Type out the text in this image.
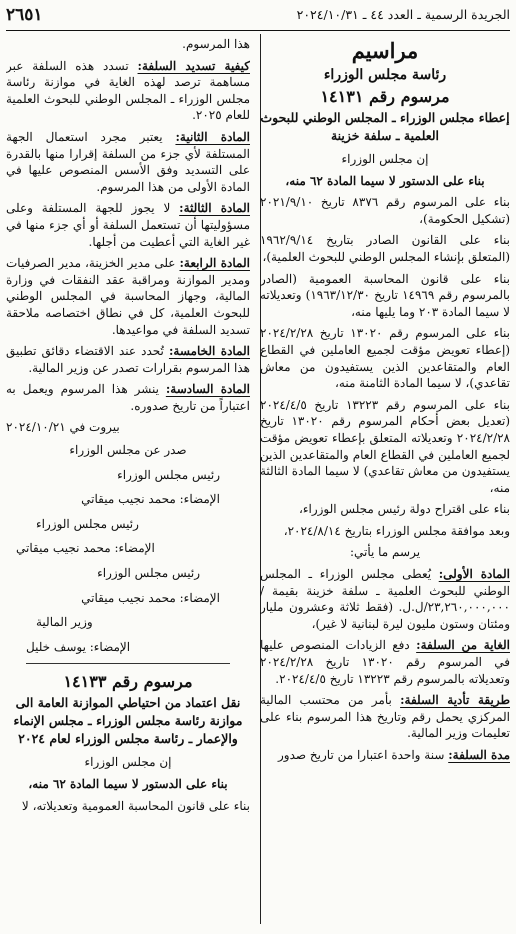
الجريدة الرسمية ـ العدد ٤٤ ـ ٢٠٢٤/١٠/٣١
٢٦٥١
مراسيم
رئاسة مجلس الوزراء
مرسوم رقم ١٤١٣١
إعطاء مجلس الوزراء ـ المجلس الوطني للبحوث العلمية ـ سلفة خزينة

إن مجلس الوزراء

بناء على الدستور لا سيما المادة ٦٢ منه،

بناء على المرسوم رقم ٨٣٧٦ تاريخ ٢٠٢١/٩/١٠ (تشكيل الحكومة)،

بناء على القانون الصادر بتاريخ ١٩٦٢/٩/١٤ (المتعلق بإنشاء المجلس الوطني للبحوث العلمية)،

بناء على قانون المحاسبة العمومية (الصادر بالمرسوم رقم ١٤٩٦٩ تاريخ ١٩٦٣/١٢/٣٠) وتعديلاته لا سيما المادة ٢٠٣ وما يليها منه،

بناء على المرسوم رقم ١٣٠٢٠ تاريخ ٢٠٢٤/٢/٢٨ (إعطاء تعويض مؤقت لجميع العاملين في القطاع العام والمتقاعدين الذين يستفيدون من معاش تقاعدي)، لا سيما المادة الثامنة منه،

بناء على المرسوم رقم ١٣٢٢٣ تاريخ ٢٠٢٤/٤/٥ (تعديل بعض أحكام المرسوم رقم ١٣٠٢٠ تاريخ ٢٠٢٤/٢/٢٨ وتعديلاته المتعلق بإعطاء تعويض مؤقت لجميع العاملين في القطاع العام والمتقاعدين الذين يستفيدون من معاش تقاعدي) لا سيما المادة الثالثة منه،

بناء على اقتراح دولة رئيس مجلس الوزراء،

وبعد موافقة مجلس الوزراء بتاريخ ٢٠٢٤/٨/١٤،

يرسم ما يأتي:

المادة الأولى: يُعطى مجلس الوزراء ـ المجلس الوطني للبحوث العلمية ـ سلفة خزينة بقيمة /٢٣,٢٦٠,٠٠٠,٠٠٠/ل.ل. (فقط ثلاثة وعشرون مليار ومئتان وستون مليون ليرة لبنانية لا غير)،

الغاية من السلفة: دفع الزيادات المنصوص عليها في المرسوم رقم ١٣٠٢٠ تاريخ ٢٠٢٤/٢/٢٨ وتعديلاته بالمرسوم رقم ١٣٢٢٣ تاريخ ٢٠٢٤/٤/٥.

طريقة تأدية السلفة: بأمر من محتسب المالية المركزي يحمل رقم وتاريخ هذا المرسوم بناء على تعليمات وزير المالية.

مدة السلفة: سنة واحدة اعتبارا من تاريخ صدور

هذا المرسوم.

كيفية تسديد السلفة: تسدد هذه السلفة عبر مساهمة ترصد لهذه الغاية في موازنة رئاسة مجلس الوزراء ـ المجلس الوطني للبحوث العلمية للعام ٢٠٢٥.

المادة الثانية: يعتبر مجرد استعمال الجهة المستلفة لأي جزء من السلفة إقرارا منها بالقدرة على التسديد وفق الأسس المنصوص عليها في المادة الأولى من هذا المرسوم.

المادة الثالثة: لا يجوز للجهة المستلفة وعلى مسؤوليتها أن تستعمل السلفة أو أي جزء منها في غير الغاية التي أعطيت من أجلها.

المادة الرابعة: على مدير الخزينة، مدير الصرفيات ومدير الموازنة ومراقبة عقد النفقات في وزارة المالية، وجهاز المحاسبة في المجلس الوطني للبحوث العلمية، كل في نطاق اختصاصه ملاحقة تسديد السلفة في مواعيدها.

المادة الخامسة: تُحدد عند الاقتضاء دقائق تطبيق هذا المرسوم بقرارات تصدر عن وزير المالية.

المادة السادسة: ينشر هذا المرسوم ويعمل به اعتباراً من تاريخ صدوره.

بيروت في ٢٠٢٤/١٠/٢١

صدر عن مجلس الوزراء

رئيس مجلس الوزراء

الإمضاء: محمد نجيب ميقاتي

رئيس مجلس الوزراء

الإمضاء: محمد نجيب ميقاتي

رئيس مجلس الوزراء

الإمضاء: محمد نجيب ميقاتي

وزير المالية

الإمضاء: يوسف خليل

مرسوم رقم ١٤١٣٣
نقل اعتماد من احتياطي الموازنة العامة الى موازنة رئاسة مجلس الوزراء ـ مجلس الإنماء والإعمار ـ رئاسة مجلس الوزراء لعام ٢٠٢٤

إن مجلس الوزراء

بناء على الدستور لا سيما المادة ٦٢ منه،

بناء على قانون المحاسبة العمومية وتعديلاته، لا
